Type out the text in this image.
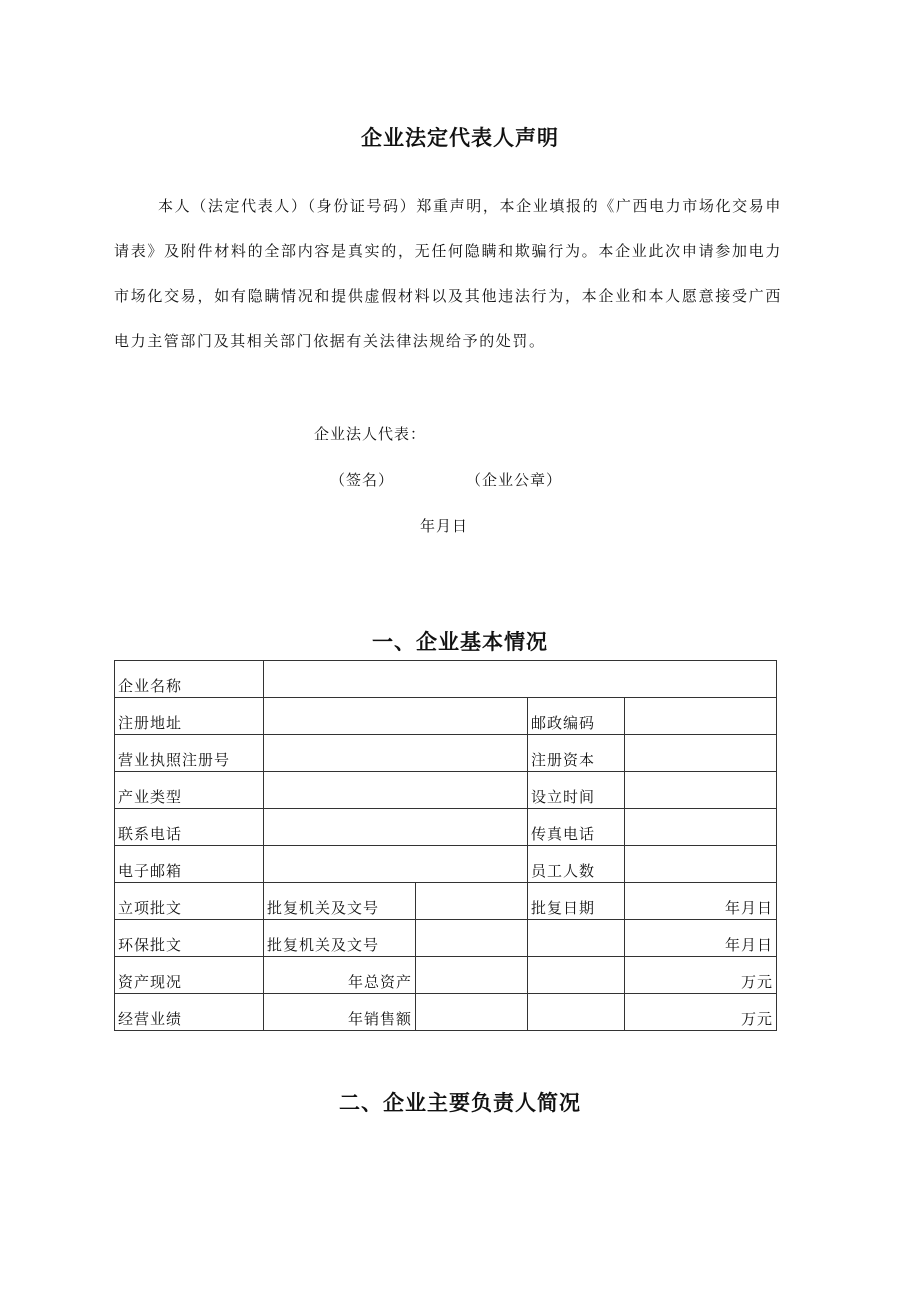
企业法定代表人声明
本人（法定代表人）（身份证号码）郑重声明，本企业填报的《广西电力市场化交易申请表》及附件材料的全部内容是真实的，无任何隐瞒和欺骗行为。本企业此次申请参加电力市场化交易，如有隐瞒情况和提供虚假材料以及其他违法行为，本企业和本人愿意接受广西电力主管部门及其相关部门依据有关法律法规给予的处罚。
企业法人代表：
（签名）	（企业公章）
年月日
一、企业基本情况
企业名称				
注册地址			邮政编码	
营业执照注册号			注册资本	
产业类型			设立时间	
联系电话			传真电话	
电子邮箱			员工人数	
立项批文	批复机关及文号		批复日期	年月日
环保批文	批复机关及文号			年月日
资产现况	年总资产			万元
经营业绩	年销售额			万元
二、企业主要负责人简况
